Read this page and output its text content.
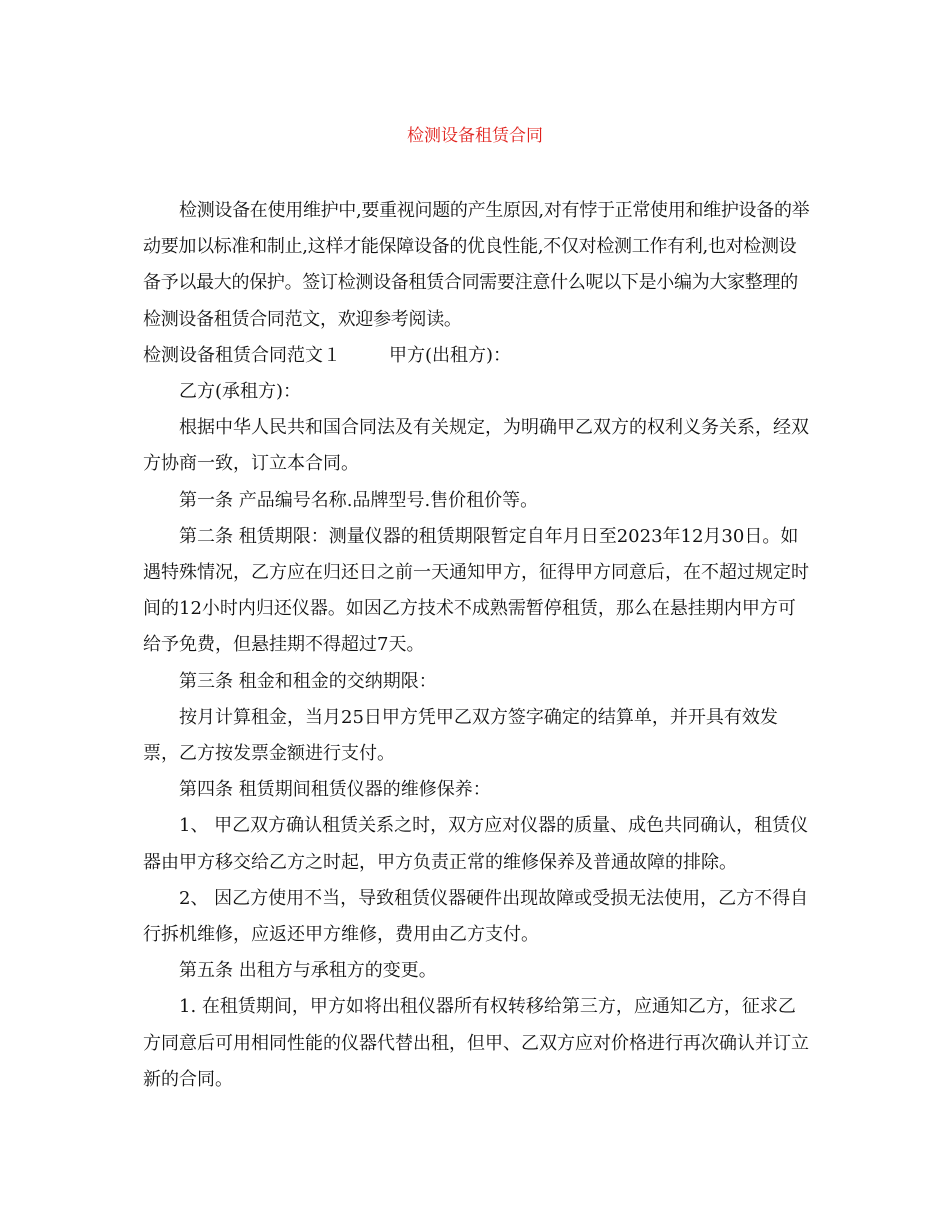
检测设备租赁合同

检测设备在使用维护中,要重视问题的产生原因,对有悖于正常使用和维护设备的举动要加以标准和制止,这样才能保障设备的优良性能,不仅对检测工作有利,也对检测设备予以最大的保护。签订检测设备租赁合同需要注意什么呢以下是小编为大家整理的检测设备租赁合同范文，欢迎参考阅读。

检测设备租赁合同范文１	甲方(出租方)：

乙方(承租方)：

根据中华人民共和国合同法及有关规定，为明确甲乙双方的权利义务关系，经双方协商一致，订立本合同。

第一条 产品编号名称.品牌型号.售价租价等。

第二条 租赁期限：测量仪器的租赁期限暂定自年月日至2023年12月30日。如遇特殊情况，乙方应在归还日之前一天通知甲方，征得甲方同意后，在不超过规定时间的12小时内归还仪器。如因乙方技术不成熟需暂停租赁，那么在悬挂期内甲方可给予免费，但悬挂期不得超过7天。

第三条 租金和租金的交纳期限：

按月计算租金，当月25日甲方凭甲乙双方签字确定的结算单，并开具有效发票，乙方按发票金额进行支付。

第四条 租赁期间租赁仪器的维修保养：

1、 甲乙双方确认租赁关系之时，双方应对仪器的质量、成色共同确认，租赁仪器由甲方移交给乙方之时起，甲方负责正常的维修保养及普通故障的排除。

2、 因乙方使用不当，导致租赁仪器硬件出现故障或受损无法使用，乙方不得自行拆机维修，应返还甲方维修，费用由乙方支付。

第五条 出租方与承租方的变更。

1. 在租赁期间，甲方如将出租仪器所有权转移给第三方，应通知乙方，征求乙方同意后可用相同性能的仪器代替出租，但甲、乙双方应对价格进行再次确认并订立新的合同。
